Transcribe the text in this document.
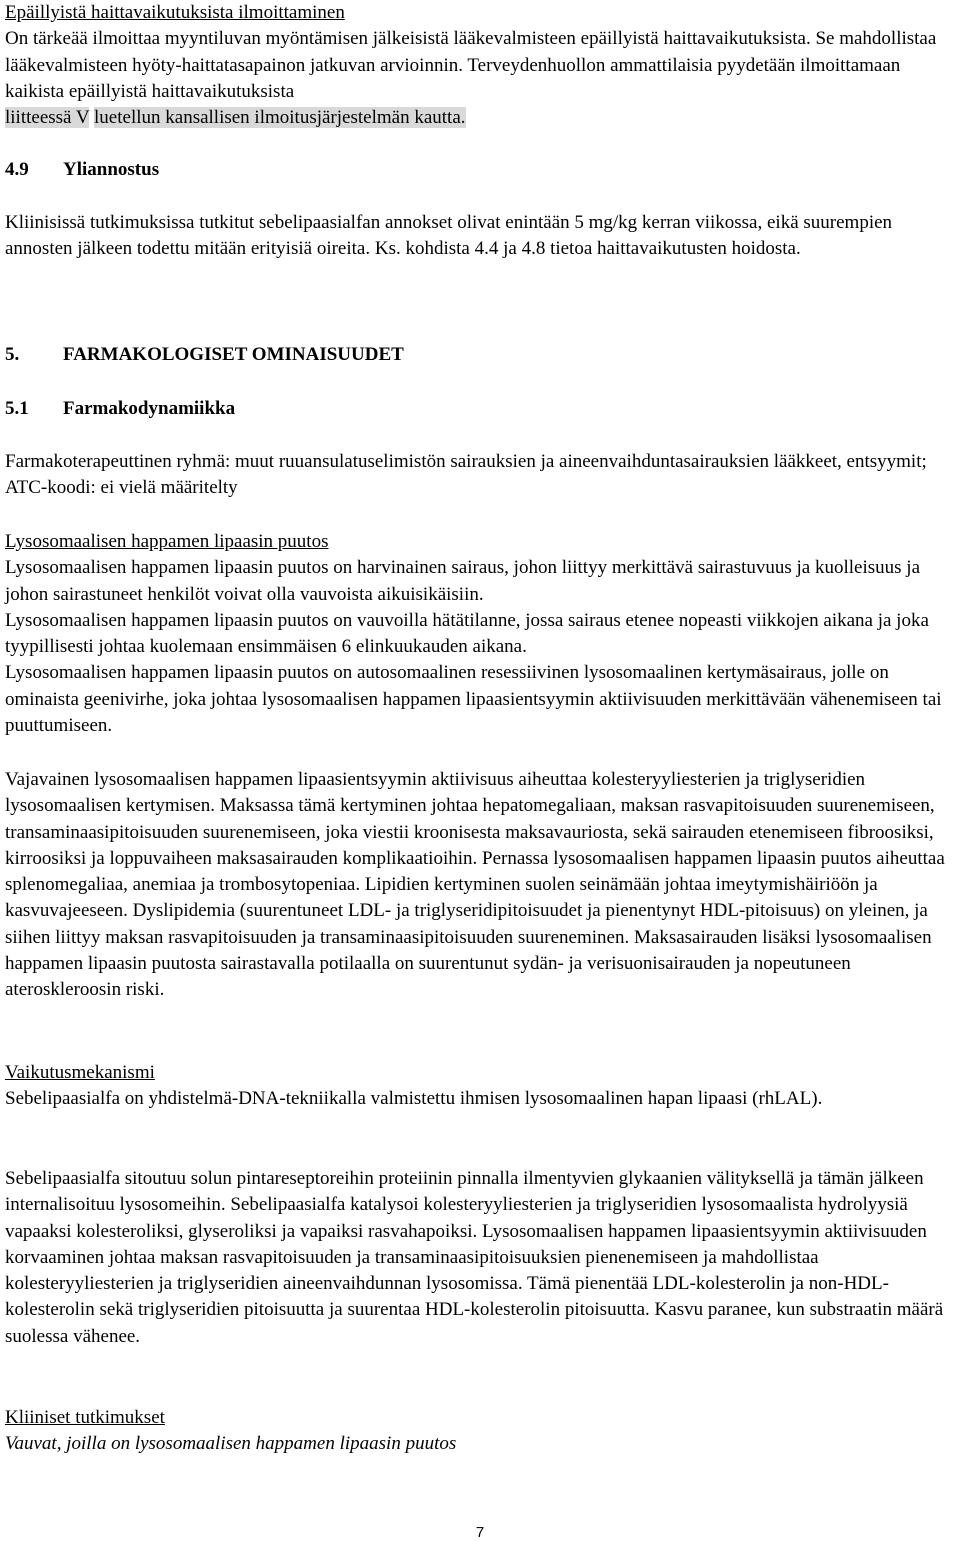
Epäillyistä haittavaikutuksista ilmoittaminen

On tärkeää ilmoittaa myyntiluvan myöntämisen jälkeisistä lääkevalmisteen epäillyistä haittavaikutuksista. Se mahdollistaa lääkevalmisteen hyöty-haittatasapainon jatkuvan arvioinnin. Terveydenhuollon ammattilaisia pyydetään ilmoittamaan kaikista epäillyistä haittavaikutuksista
liitteessä V luetellun kansallisen ilmoitusjärjestelmän kautta.

4.9 Yliannostus

Kliinisissä tutkimuksissa tutkitut sebelipaasialfan annokset olivat enintään 5 mg/kg kerran viikossa, eikä suurempien annosten jälkeen todettu mitään erityisiä oireita. Ks. kohdista 4.4 ja 4.8 tietoa haittavaikutusten hoidosta.

5. FARMAKOLOGISET OMINAISUUDET

5.1 Farmakodynamiikka

Farmakoterapeuttinen ryhmä: muut ruuansulatuselimistön sairauksien ja aineenvaihduntasairauksien lääkkeet, entsyymit; ATC-koodi: ei vielä määritelty

Lysosomaalisen happamen lipaasin puutos

Lysosomaalisen happamen lipaasin puutos on harvinainen sairaus, johon liittyy merkittävä sairastuvuus ja kuolleisuus ja johon sairastuneet henkilöt voivat olla vauvoista aikuisikäisiin.

Lysosomaalisen happamen lipaasin puutos on vauvoilla hätätilanne, jossa sairaus etenee nopeasti viikkojen aikana ja joka tyypillisesti johtaa kuolemaan ensimmäisen 6 elinkuukauden aikana.

Lysosomaalisen happamen lipaasin puutos on autosomaalinen resessiivinen lysosomaalinen kertymäsairaus, jolle on ominaista geenivirhe, joka johtaa lysosomaalisen happamen lipaasientsyymin aktiivisuuden merkittävään vähenemiseen tai puuttumiseen.

Vajavainen lysosomaalisen happamen lipaasientsyymin aktiivisuus aiheuttaa kolesteryyliesterien ja triglyseridien lysosomaalisen kertymisen. Maksassa tämä kertyminen johtaa hepatomegaliaan, maksan rasvapitoisuuden suurenemiseen, transaminaasipitoisuuden suurenemiseen, joka viestii kroonisesta maksavauriosta, sekä sairauden etenemiseen fibroosiksi, kirroosiksi ja loppuvaiheen maksasairauden komplikaatioihin. Pernassa lysosomaalisen happamen lipaasin puutos aiheuttaa splenomegaliaa, anemiaa ja trombosytopeniaa. Lipidien kertyminen suolen seinämään johtaa imeytymishäiriöön ja kasvuvajeeseen. Dyslipidemia (suurentuneet LDL- ja triglyseridipitoisuudet ja pienentynyt HDL-pitoisuus) on yleinen, ja siihen liittyy maksan rasvapitoisuuden ja transaminaasipitoisuuden suureneminen. Maksasairauden lisäksi lysosomaalisen happamen lipaasin puutosta sairastavalla potilaalla on suurentunut sydän- ja verisuonisairauden ja nopeutuneen ateroskleroosin riski.

Vaikutusmekanismi

Sebelipaasialfa on yhdistelmä-DNA-tekniikalla valmistettu ihmisen lysosomaalinen hapan lipaasi (rhLAL).

Sebelipaasialfa sitoutuu solun pintareseptoreihin proteiinin pinnalla ilmentyvien glykaanien välityksellä ja tämän jälkeen internalisoituu lysosomeihin. Sebelipaasialfa katalysoi kolesteryyliesterien ja triglyseridien lysosomaalista hydrolyysiä vapaaksi kolesteroliksi, glyseroliksi ja vapaiksi rasvahapoiksi. Lysosomaalisen happamen lipaasientsyymin aktiivisuuden korvaaminen johtaa maksan rasvapitoisuuden ja transaminaasipitoisuuksien pienenemiseen ja mahdollistaa kolesteryyliesterien ja triglyseridien aineenvaihdunnan lysosomissa. Tämä pienentää LDL-kolesterolin ja non-HDL-kolesterolin sekä triglyseridien pitoisuutta ja suurentaa HDL-kolesterolin pitoisuutta. Kasvu paranee, kun substraatin määrä suolessa vähenee.

Kliiniset tutkimukset

Vauvat, joilla on lysosomaalisen happamen lipaasin puutos

7
